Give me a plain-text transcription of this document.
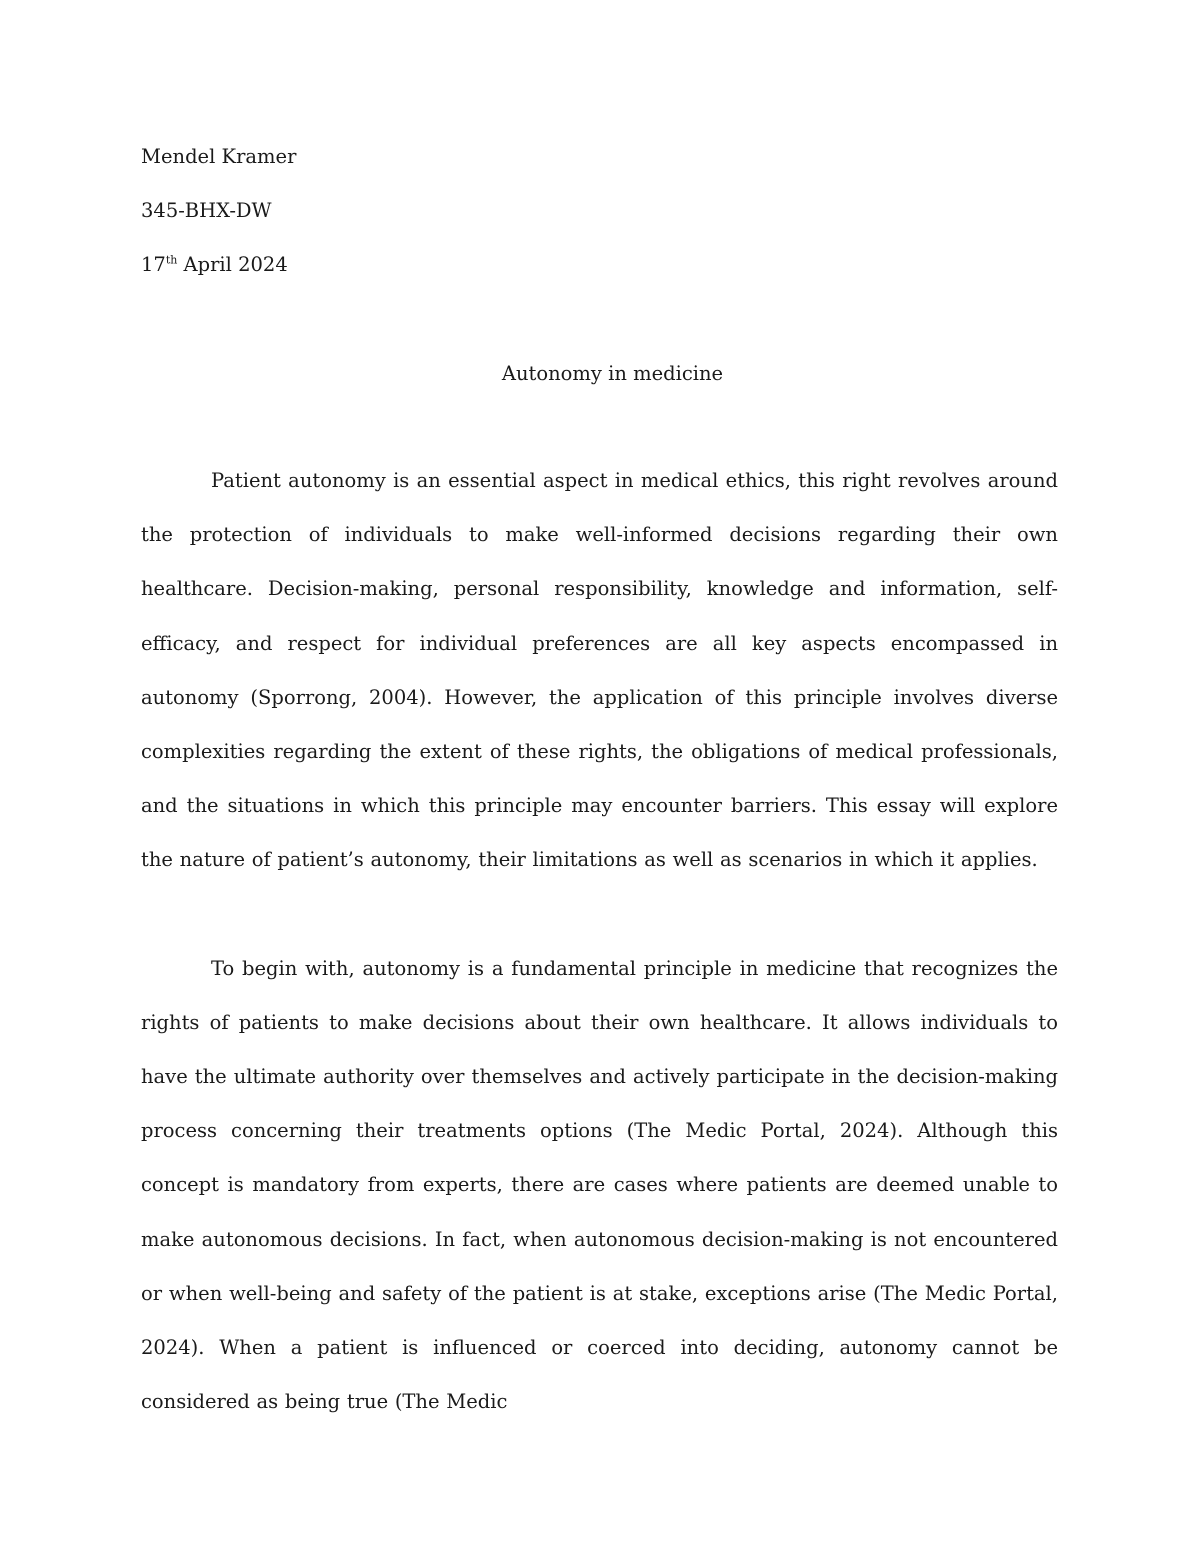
Mendel Kramer
345-BHX-DW
17th April 2024
Autonomy in medicine

Patient autonomy is an essential aspect in medical ethics, this right revolves around the protection of individuals to make well-informed decisions regarding their own healthcare. Decision-making, personal responsibility, knowledge and information, self-efficacy, and respect for individual preferences are all key aspects encompassed in autonomy (Sporrong, 2004). However, the application of this principle involves diverse complexities regarding the extent of these rights, the obligations of medical professionals, and the situations in which this principle may encounter barriers. This essay will explore the nature of patient’s autonomy, their limitations as well as scenarios in which it applies.

To begin with, autonomy is a fundamental principle in medicine that recognizes the rights of patients to make decisions about their own healthcare. It allows individuals to have the ultimate authority over themselves and actively participate in the decision-making process concerning their treatments options (The Medic Portal, 2024). Although this concept is mandatory from experts, there are cases where patients are deemed unable to make autonomous decisions. In fact, when autonomous decision-making is not encountered or when well-being and safety of the patient is at stake, exceptions arise (The Medic Portal, 2024). When a patient is influenced or coerced into deciding, autonomy cannot be considered as being true (The Medic
